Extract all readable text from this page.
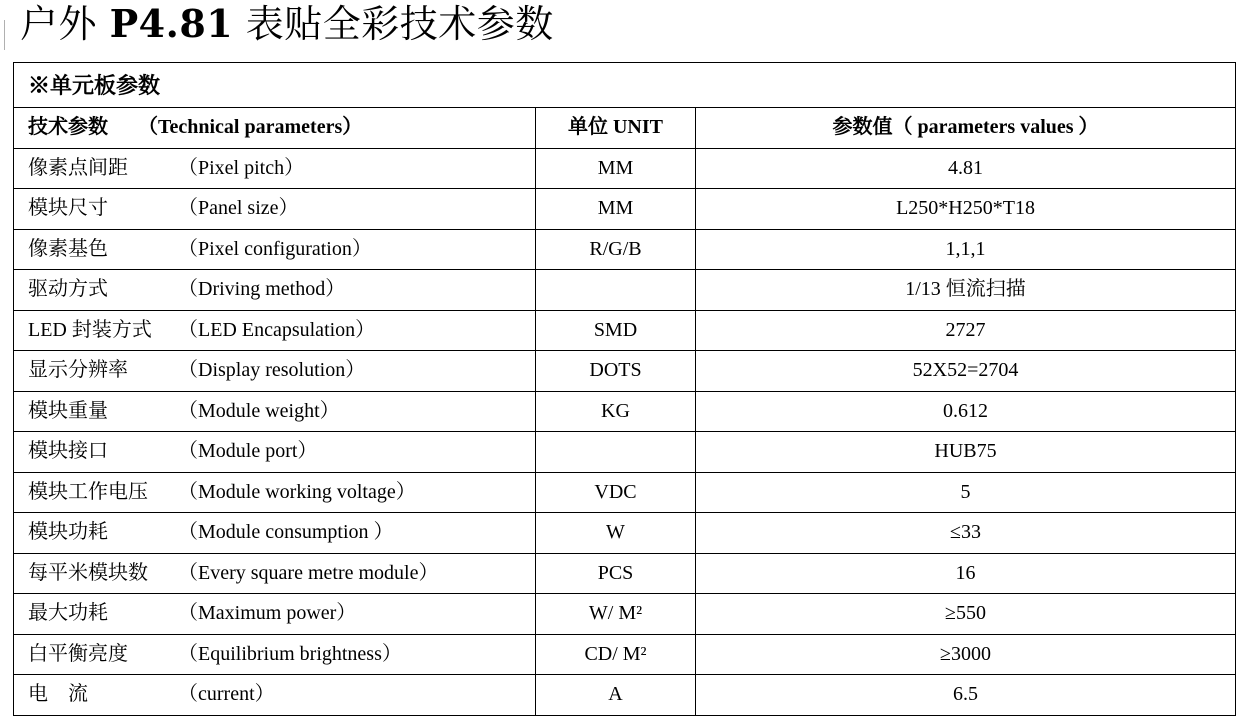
户外 P4.81 表贴全彩技术参数
※单元板参数		
技术参数　　（Technical parameters）	单位 UNIT	参数值（ parameters values ）
像素点间距 （Pixel pitch）	MM	4.81
模块尺寸 （Panel size）	MM	L250*H250*T18
像素基色 （Pixel configuration）	R/G/B	1,1,1
驱动方式 （Driving method）		1/13 恒流扫描
LED 封装方式 （LED Encapsulation）	SMD	2727
显示分辨率 （Display resolution）	DOTS	52X52=2704
模块重量 （Module weight）	KG	0.612
模块接口 （Module port）		HUB75
模块工作电压 （Module working voltage）	VDC	5
模块功耗 （Module consumption ）	W	≤33
每平米模块数 （Every square metre module）	PCS	16
最大功耗 （Maximum power）	W/ M²	≥550
白平衡亮度 （Equilibrium brightness）	CD/ M²	≥3000
电　流 （current）	A	6.5
